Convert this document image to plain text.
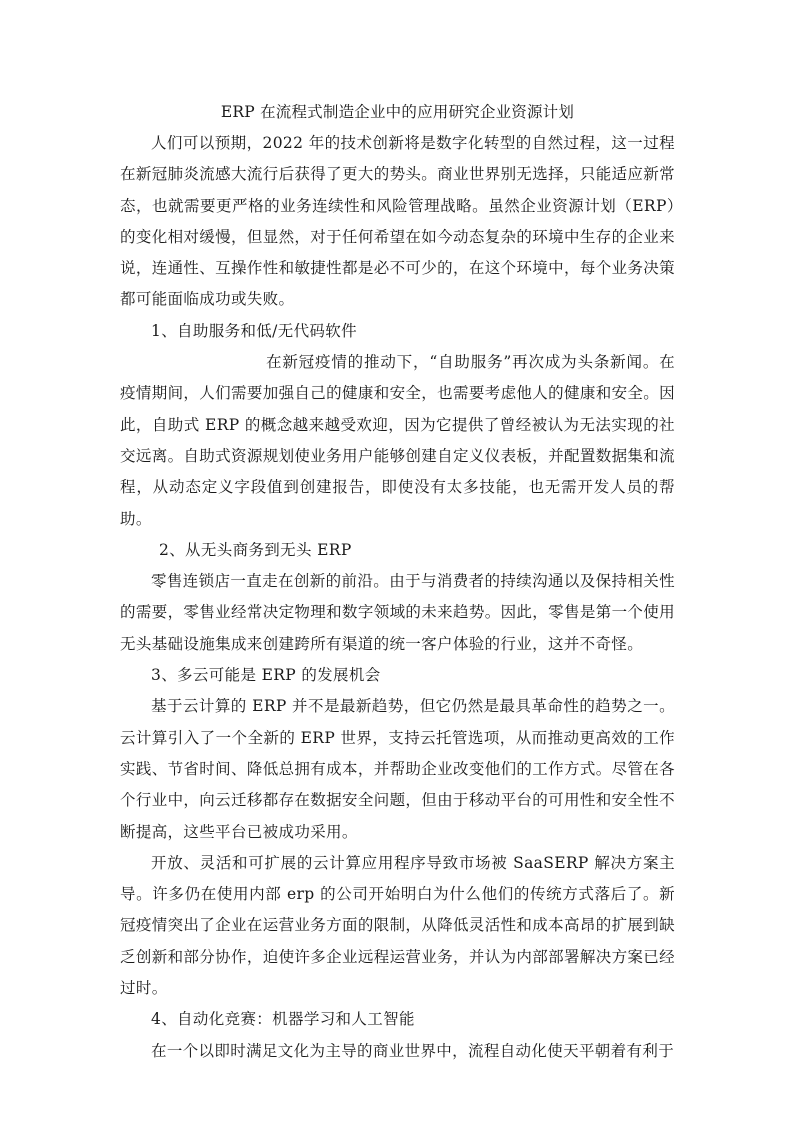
ERP 在流程式制造企业中的应用研究企业资源计划

人们可以预期，2022 年的技术创新将是数字化转型的自然过程，这一过程在新冠肺炎流感大流行后获得了更大的势头。商业世界别无选择，只能适应新常态，也就需要更严格的业务连续性和风险管理战略。虽然企业资源计划（ERP）的变化相对缓慢，但显然，对于任何希望在如今动态复杂的环境中生存的企业来说，连通性、互操作性和敏捷性都是必不可少的，在这个环境中，每个业务决策都可能面临成功或失败。

1、自助服务和低/无代码软件

在新冠疫情的推动下，“自助服务”再次成为头条新闻。在疫情期间，人们需要加强自己的健康和安全，也需要考虑他人的健康和安全。因此，自助式 ERP 的概念越来越受欢迎，因为它提供了曾经被认为无法实现的社交远离。自助式资源规划使业务用户能够创建自定义仪表板，并配置数据集和流程，从动态定义字段值到创建报告，即使没有太多技能，也无需开发人员的帮助。

2、从无头商务到无头 ERP

零售连锁店一直走在创新的前沿。由于与消费者的持续沟通以及保持相关性的需要，零售业经常决定物理和数字领域的未来趋势。因此，零售是第一个使用无头基础设施集成来创建跨所有渠道的统一客户体验的行业，这并不奇怪。

3、多云可能是 ERP 的发展机会

基于云计算的 ERP 并不是最新趋势，但它仍然是最具革命性的趋势之一。云计算引入了一个全新的 ERP 世界，支持云托管选项，从而推动更高效的工作实践、节省时间、降低总拥有成本，并帮助企业改变他们的工作方式。尽管在各个行业中，向云迁移都存在数据安全问题，但由于移动平台的可用性和安全性不断提高，这些平台已被成功采用。

开放、灵活和可扩展的云计算应用程序导致市场被 SaaSERP 解决方案主导。许多仍在使用内部 erp 的公司开始明白为什么他们的传统方式落后了。新冠疫情突出了企业在运营业务方面的限制，从降低灵活性和成本高昂的扩展到缺乏创新和部分协作，迫使许多企业远程运营业务，并认为内部部署解决方案已经过时。

4、自动化竞赛：机器学习和人工智能

在一个以即时满足文化为主导的商业世界中，流程自动化使天平朝着有利于
